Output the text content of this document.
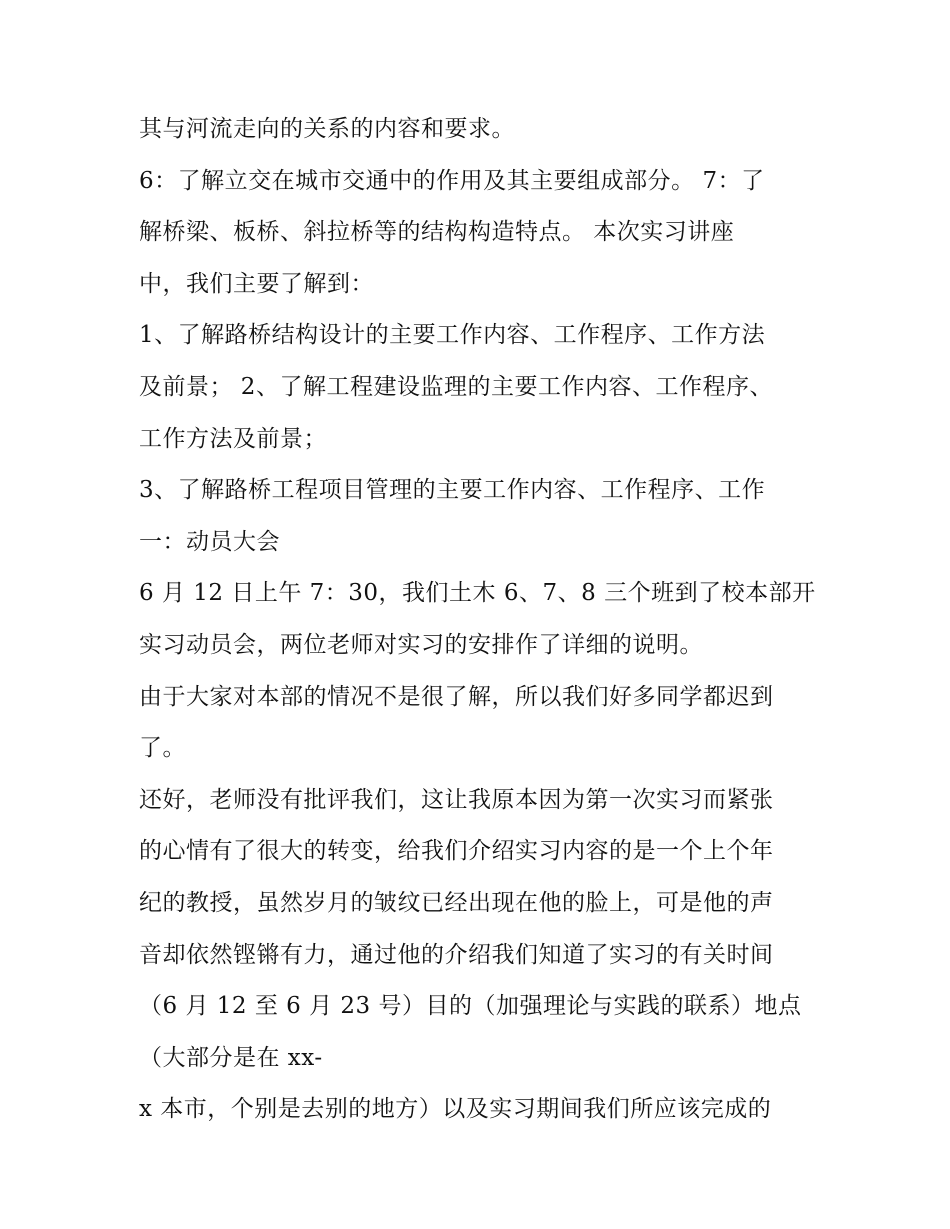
其与河流走向的关系的内容和要求。
6：了解立交在城市交通中的作用及其主要组成部分。 7：了
解桥梁、板桥、斜拉桥等的结构构造特点。 本次实习讲座
中，我们主要了解到：
1、了解路桥结构设计的主要工作内容、工作程序、工作方法
及前景； 2、了解工程建设监理的主要工作内容、工作程序、
工作方法及前景；
3、了解路桥工程项目管理的主要工作内容、工作程序、工作
一：动员大会
6 月 12 日上午 7：30，我们土木 6、7、8 三个班到了校本部开
实习动员会，两位老师对实习的安排作了详细的说明。
由于大家对本部的情况不是很了解，所以我们好多同学都迟到
了。
还好，老师没有批评我们，这让我原本因为第一次实习而紧张
的心情有了很大的转变，给我们介绍实习内容的是一个上个年
纪的教授，虽然岁月的皱纹已经出现在他的脸上，可是他的声
音却依然铿锵有力，通过他的介绍我们知道了实习的有关时间
（6 月 12 至 6 月 23 号）目的（加强理论与实践的联系）地点
（大部分是在 xx-
x 本市，个别是去别的地方）以及实习期间我们所应该完成的
